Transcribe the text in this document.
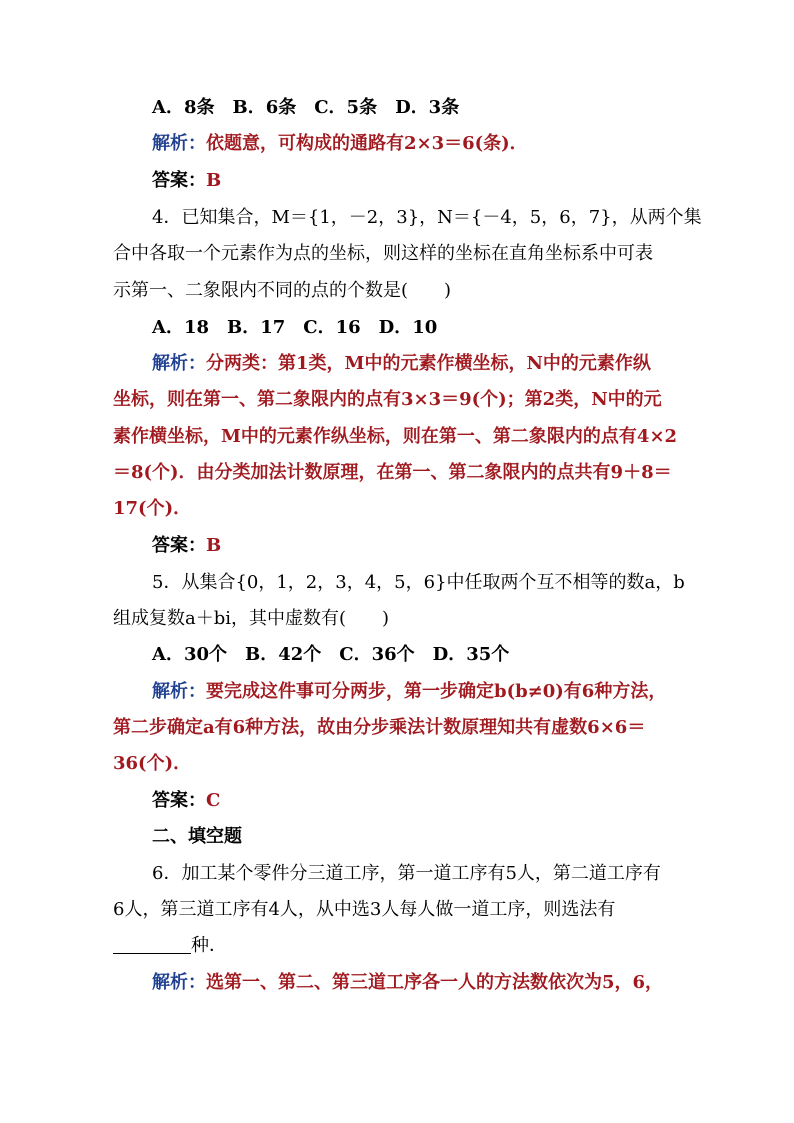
A．8条　B．6条　C．5条　D．3条
解析：依题意，可构成的通路有2×3＝6(条)．
答案：B
4．已知集合，M＝{1，－2，3}，N＝{－4，5，6，7}，从两个集
合中各取一个元素作为点的坐标，则这样的坐标在直角坐标系中可表
示第一、二象限内不同的点的个数是(　　)
A．18　B．17　C．16　D．10
解析：分两类：第1类，M中的元素作横坐标，N中的元素作纵
坐标，则在第一、第二象限内的点有3×3＝9(个)；第2类，N中的元
素作横坐标，M中的元素作纵坐标，则在第一、第二象限内的点有4×2
＝8(个)．由分类加法计数原理，在第一、第二象限内的点共有9＋8＝
17(个)．
答案：B
5．从集合{0，1，2，3，4，5，6}中任取两个互不相等的数a，b
组成复数a＋bi，其中虚数有(　　)
A．30个　B．42个　C．36个　D．35个
解析：要完成这件事可分两步，第一步确定b(b≠0)有6种方法，
第二步确定a有6种方法，故由分步乘法计数原理知共有虚数6×6＝
36(个)．
答案：C
二、填空题
6．加工某个零件分三道工序，第一道工序有5人，第二道工序有
6人，第三道工序有4人，从中选3人每人做一道工序，则选法有
种．
解析：选第一、第二、第三道工序各一人的方法数依次为5，6，
